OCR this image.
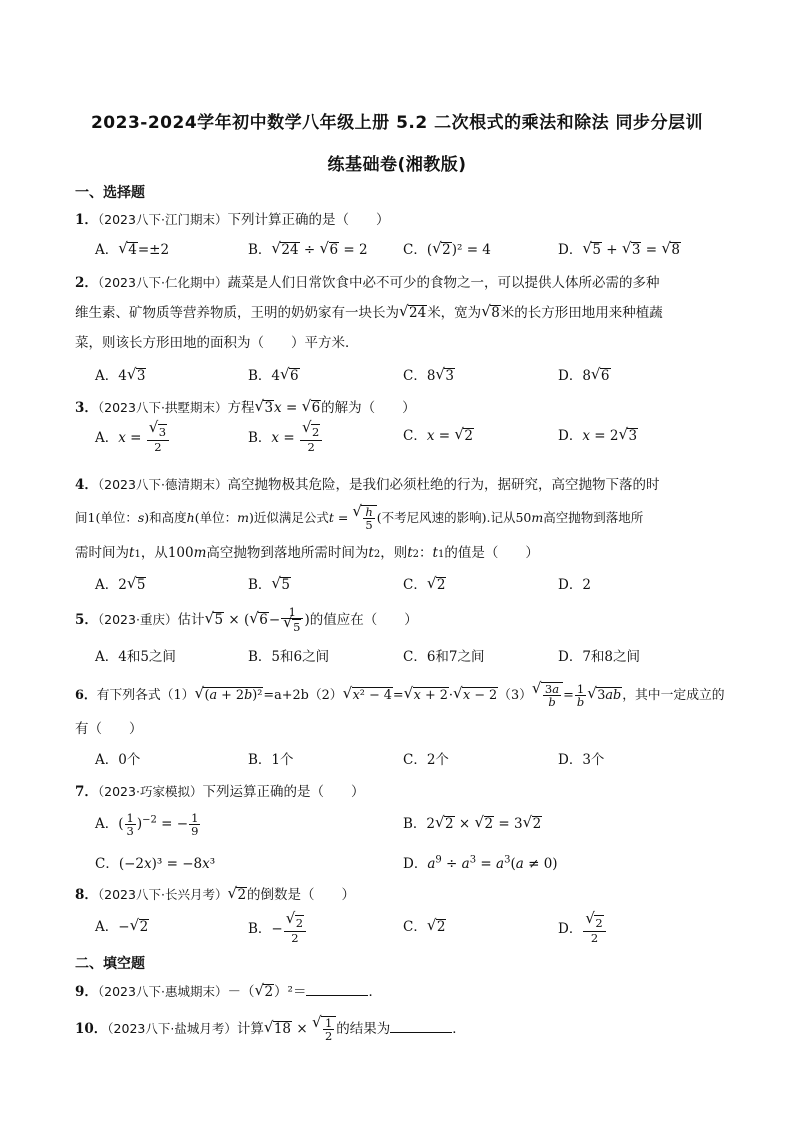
2023-2024学年初中数学八年级上册 5.2 二次根式的乘法和除法 同步分层训
练基础卷(湘教版)
一、选择题
1．（2023八下·江门期末）下列计算正确的是（　　）
A． √ 4=±2	B． √ 24 ÷ √ 6 = 2	C．( √ 2)² = 4	D． √ 5 + √ 3 = √ 8
2．（2023八下·仁化期中）蔬菜是人们日常饮食中必不可少的食物之一，可以提供人体所必需的多种
维生素、矿物质等营养物质，王明的奶奶家有一块长为 √ 24米，宽为 √ 8米的长方形田地用来种植蔬
菜，则该长方形田地的面积为（　　）平方米．
A．4 √ 3	B．4 √ 6	C．8 √ 3	D．8 √ 6
3．（2023八下·拱墅期末）方程 √ 3x = √ 6的解为（　　）
A．x = √ $\frac{3}{2}$	B．x = √ $\frac{2}{2}$	C．x = √ 2	D．x = 2 √ 3
4．（2023八下·德清期末）高空抛物极其危险，是我们必须杜绝的行为，据研究，高空抛物下落的时
间1(单位：s)和高度h(单位：m)近似满足公式t = √ $\frac{h}{5}$ (不考尼风速的影响).记从50m高空抛物到落地所
需时间为t1，从100m高空抛物到落地所需时间为t2，则t2：t1的值是（　　）
A．2 √ 5	B． √ 5	C． √ 2	D．2
5．（2023·重庆）估计 √ 5 × ( √ 6− 1
√ 5 )的值应在（　　）
A．4和5之间	B．5和6之间	C．6和7之间	D．7和8之间
6．有下列各式（1） √ (a + 2b)²=a+2b（2） √ x² − 4= √ x + 2· √ x − 2（3） √ $\frac{3a}{b} = \frac{1}{b}$ √ 3ab，其中一定成立的
有（　　）
A．0个	B．1个	C．2个	D．3个
7．（2023·巧家模拟）下列运算正确的是（　　）
A．( $\frac{1}{3} )^{-2}$ = − $\frac{1}{9}$	B．2 √ 2 × √ 2 = 3 √ 2
C．(−2x)³ = −8x³	D．$a^9 \div a^3 = a^3(a \ne 0)$
8．（2023八下·长兴月考） √ 2的倒数是（　　）
A．− √ 2	B．− √ $\frac{2}{2}$	C． √ 2	D． √ $\frac{2}{2}$
二、填空题
9．（2023八下·惠城期末）－（ √ 2）²＝	．
10．（2023八下·盐城月考）计算 √ 18 × √ $\frac{1}{2}$ 的结果为	．
